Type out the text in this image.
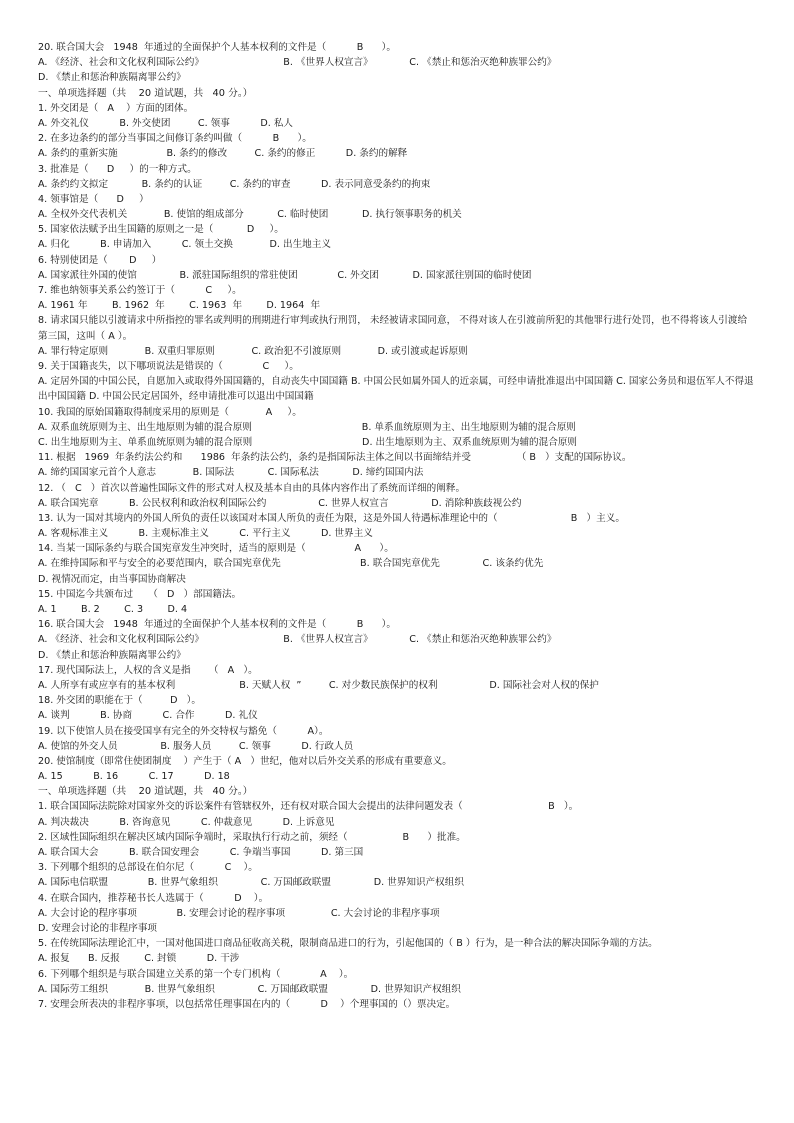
20. 联合国大会   1948  年通过的全面保护个人基本权利的文件是（          B      ）。
A. 《经济、社会和文化权利国际公约》                          B. 《世界人权宣言》            C. 《禁止和惩治灭绝种族罪公约》
D. 《禁止和惩治种族隔离罪公约》
一、单项选择题（共    20 道试题，共   40 分。）
1. 外交团是（   A    ）方面的团体。
A. 外交礼仪          B. 外交使团         C. 领事          D. 私人
2. 在多边条约的部分当事国之间修订条约叫做（          B      ）。
A. 条约的重新实施                B. 条约的修改         C. 条约的修正          D. 条约的解释
3. 批准是（      D     ）的一种方式。
A. 条约约文拟定           B. 条约的认证         C. 条约的审查          D. 表示同意受条约的拘束
4. 领事馆是（      D     ）
A. 全权外交代表机关            B. 使馆的组成部分           C. 临时使团           D. 执行领事职务的机关
5. 国家依法赋予出生国籍的原则之一是（           D     ）。
A. 归化          B. 申请加入          C. 领土交换            D. 出生地主义
6. 特别使团是（       D     ）
A. 国家派往外国的使馆              B. 派驻国际组织的常驻使团             C. 外交团           D. 国家派往别国的临时使团
7. 维也纳领事关系公约签订于（          C     ）。
A. 1961 年        B. 1962  年        C. 1963  年        D. 1964  年
8. 请求国只能以引渡请求中所指控的罪名或判明的刑期进行审判或执行刑罚， 未经被请求国同意， 不得对该人在引渡前所犯的其他罪行进行处罚，也不得将该人引渡给第三国，这叫（ A ）。
A. 罪行特定原则            B. 双重归罪原则            C. 政治犯不引渡原则            D. 或引渡或起诉原则
9. 关于国籍丧失，以下哪项说法是错误的（             C     ）。
A. 定居外国的中国公民，自愿加入或取得外国国籍的，自动丧失中国国籍 B. 中国公民如属外国人的近亲属，可经申请批准退出中国国籍 C. 国家公务员和退伍军人不得退出中国国籍 D. 中国公民定居国外，经申请批准可以退出中国国籍
10. 我国的原始国籍取得制度采用的原则是（            A     ）。
A. 双系血统原则为主、出生地原则为辅的混合原则                                    B. 单系血统原则为主、出生地原则为辅的混合原则
C. 出生地原则为主、单系血统原则为辅的混合原则                                    D. 出生地原则为主、双系血统原则为辅的混合原则
11. 根据   1969  年条约法公约和      1986  年条约法公约，条约是指国际法主体之间以书面缔结并受               （ B   ）支配的国际协议。
A. 缔约国国家元首个人意志            B. 国际法           C. 国际私法           D. 缔约国国内法
12. （   C   ）首次以普遍性国际文件的形式对人权及基本自由的具体内容作出了系统而详细的阐释。
A. 联合国宪章          B. 公民权利和政治权利国际公约                 C. 世界人权宣言              D. 消除种族歧视公约
13. 认为一国对其境内的外国人所负的责任以该国对本国人所负的责任为限，这是外国人待遇标准理论中的（                        B   ）主义。
A. 客观标准主义          B. 主观标准主义          C. 平行主义          D. 世界主义
14. 当某一国际条约与联合国宪章发生冲突时，适当的原则是（                A      ）。
A. 在维持国际和平与安全的必要范围内，联合国宪章优先                          B. 联合国宪章优先              C. 该条约优先
D. 视情况而定，由当事国协商解决
15. 中国迄今共颁布过     （   D   ）部国籍法。
A. 1        B. 2        C. 3        D. 4
16. 联合国大会   1948  年通过的全面保护个人基本权利的文件是（          B      ）。
A. 《经济、社会和文化权利国际公约》                          B. 《世界人权宣言》            C. 《禁止和惩治灭绝种族罪公约》
D. 《禁止和惩治种族隔离罪公约》
17. 现代国际法上，人权的含义是指      （   A   ）。
A. 人所享有或应享有的基本权利                     B. 天赋人权  ”         C. 对少数民族保护的权利                 D. 国际社会对人权的保护
18. 外交团的职能在于（         D   ）。
A. 谈判          B. 协商          C. 合作          D. 礼仪
19. 以下使馆人员在接受国享有完全的外交特权与豁免（          A）。
A. 使馆的外交人员              B. 服务人员         C. 领事          D. 行政人员
20. 使馆制度（即常住使团制度    ）产生于（ A   ）世纪，他对以后外交关系的形成有重要意义。
A. 15          B. 16          C. 17          D. 18
一、单项选择题（共    20 道试题，共   40 分。）
1. 联合国国际法院除对国家外交的诉讼案件有管辖权外，还有权对联合国大会提出的法律问题发表（                            B   ）。
A. 判决裁决          B. 咨询意见          C. 仲裁意见          D. 上诉意见
2. 区域性国际组织在解决区域内国际争端时，采取执行行动之前，须经（                  B      ）批准。
A. 联合国大会          B. 联合国安理会          C. 争端当事国          D. 第三国
3. 下列哪个组织的总部设在伯尔尼（          C    ）。
A. 国际电信联盟             B. 世界气象组织              C. 万国邮政联盟              D. 世界知识产权组织
4. 在联合国内，推荐秘书长人选属于（          D    ）。
A. 大会讨论的程序事项             B. 安理会讨论的程序事项               C. 大会讨论的非程序事项
D. 安理会讨论的非程序事项
5. 在传统国际法理论汇中，一国对他国进口商品征收高关税，限制商品进口的行为，引起他国的（ B ）行为，是一种合法的解决国际争端的方法。
A. 报复      B. 反报        C. 封锁          D. 干涉
6. 下列哪个组织是与联合国建立关系的第一个专门机构（             A    ）。
A. 国际劳工组织            B. 世界气象组织              C. 万国邮政联盟              D. 世界知识产权组织
7. 安理会所表决的非程序事项，以包括常任理事国在内的（          D    ）个理事国的（）票决定。
